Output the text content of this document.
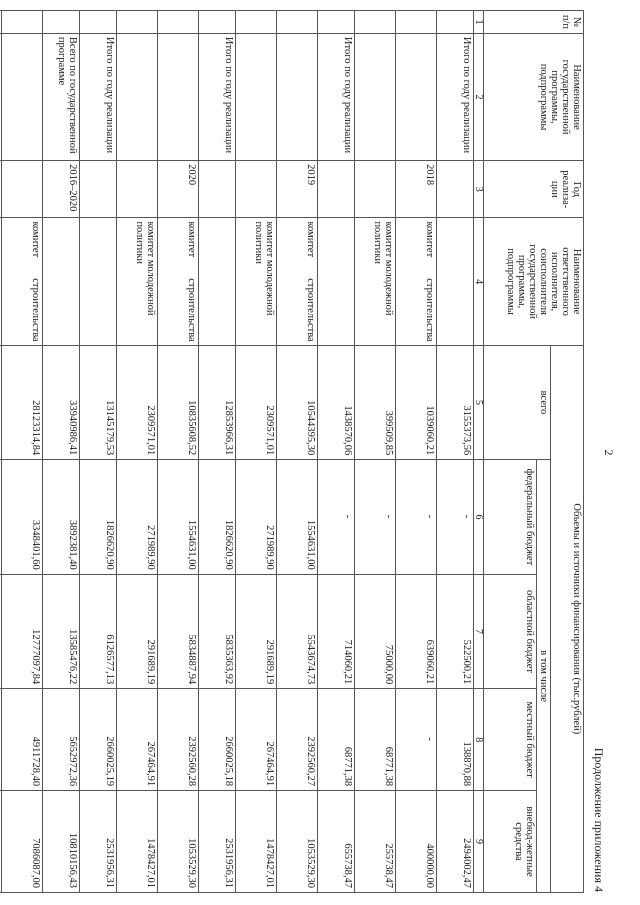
2
Продолжение приложения 4
№ п/п	Наименование государственной программы, подпрограммы	Год реализа-ции	Наименование ответственного исполнителя, соисполнителя государственной программы, подпрограммы	Объемы и источники финансирования (тыс.рублей)				
				всего	в том числе			
					федеральный бюджет	областной бюджет	местный бюджет	внебюд-жетные средства
1	2	3	4	5	6	7	8	9
	Итого по году реализации			3155373,56	-	522500,21	138870,88	2494002,47
		2018	комитет строительства	1039060,21	-	639060,21	-	400000,00
			комитет молодежной политики	399509,85	-	75000,00	68771,38	255738,47
	Итого по году реализации			1438570,06	-	714060,21	68771,38	655738,47
		2019	комитет строительства	10544395,30	1554631,00	5543674,73	2392560,27	1053529,30
			комитет молодежной политики	2309571,01	271989,90	291689,19	267464,91	1478427,01
	Итого по году реализации			12853966,31	1826620,90	5835363,92	2660025,18	2531956,31
		2020	комитет строительства	10835608,52	1554631,00	5834887,94	2392560,28	1053529,30
			комитет молодежной политики	2309571,01	271989,90	291689,19	267464,91	1478427,01
	Итого по году реализации			13145179,53	1826620,90	6126577,13	2660025,19	2531956,31
	Всего по государственной программе	2016–2020		33940986,41	3892381,40	13585476,22	5652972,36	10810156,43
			комитет строительства	28123314,84	3348401,60	12777097,84	4911728,40	7086087,00
